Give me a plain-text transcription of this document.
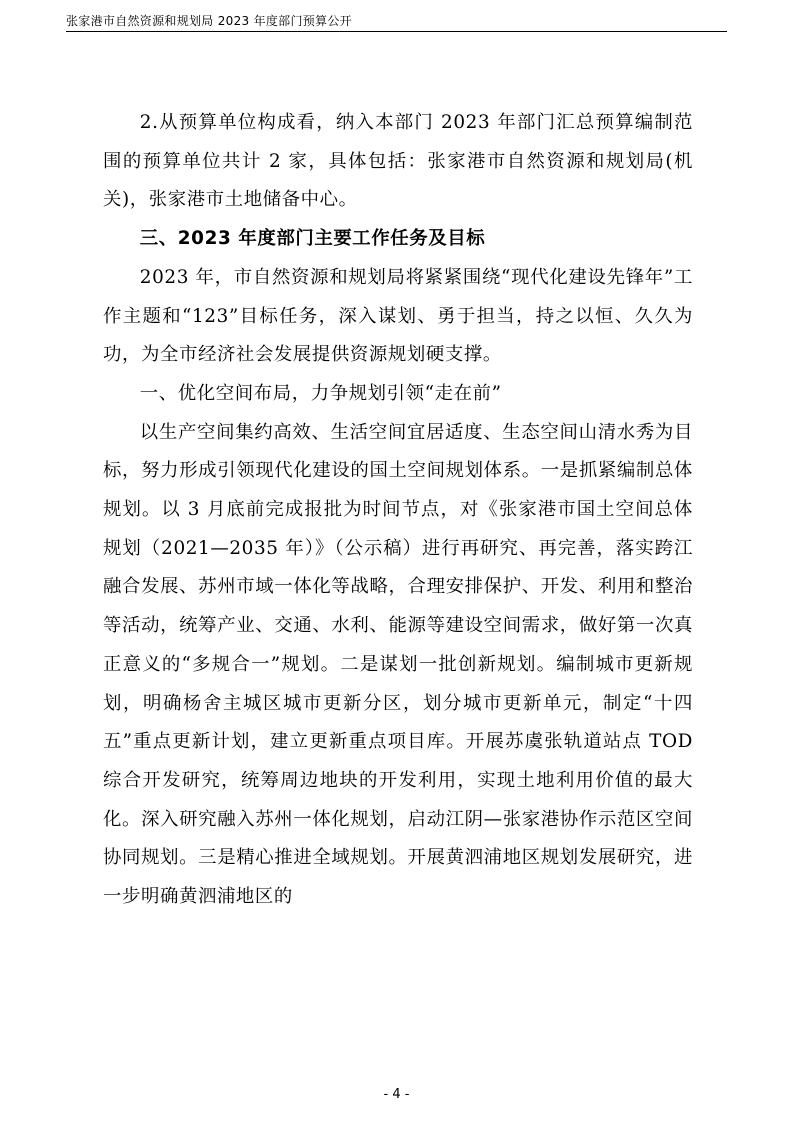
张家港市自然资源和规划局 2023 年度部门预算公开

2.从预算单位构成看，纳入本部门 2023 年部门汇总预算编制范围的预算单位共计 2 家，具体包括：张家港市自然资源和规划局(机关)，张家港市土地储备中心。

三、2023 年度部门主要工作任务及目标

2023 年，市自然资源和规划局将紧紧围绕“现代化建设先锋年”工作主题和“123”目标任务，深入谋划、勇于担当，持之以恒、久久为功，为全市经济社会发展提供资源规划硬支撑。

一、优化空间布局，力争规划引领“走在前”

以生产空间集约高效、生活空间宜居适度、生态空间山清水秀为目标，努力形成引领现代化建设的国土空间规划体系。一是抓紧编制总体规划。以 3 月底前完成报批为时间节点，对《张家港市国土空间总体规划（2021—2035 年）》（公示稿）进行再研究、再完善，落实跨江融合发展、苏州市域一体化等战略，合理安排保护、开发、利用和整治等活动，统筹产业、交通、水利、能源等建设空间需求，做好第一次真正意义的“多规合一”规划。二是谋划一批创新规划。编制城市更新规划，明确杨舍主城区城市更新分区，划分城市更新单元，制定“十四五”重点更新计划，建立更新重点项目库。开展苏虞张轨道站点 TOD 综合开发研究，统筹周边地块的开发利用，实现土地利用价值的最大化。深入研究融入苏州一体化规划，启动江阴—张家港协作示范区空间协同规划。三是精心推进全域规划。开展黄泗浦地区规划发展研究，进一步明确黄泗浦地区的

- 4 -
